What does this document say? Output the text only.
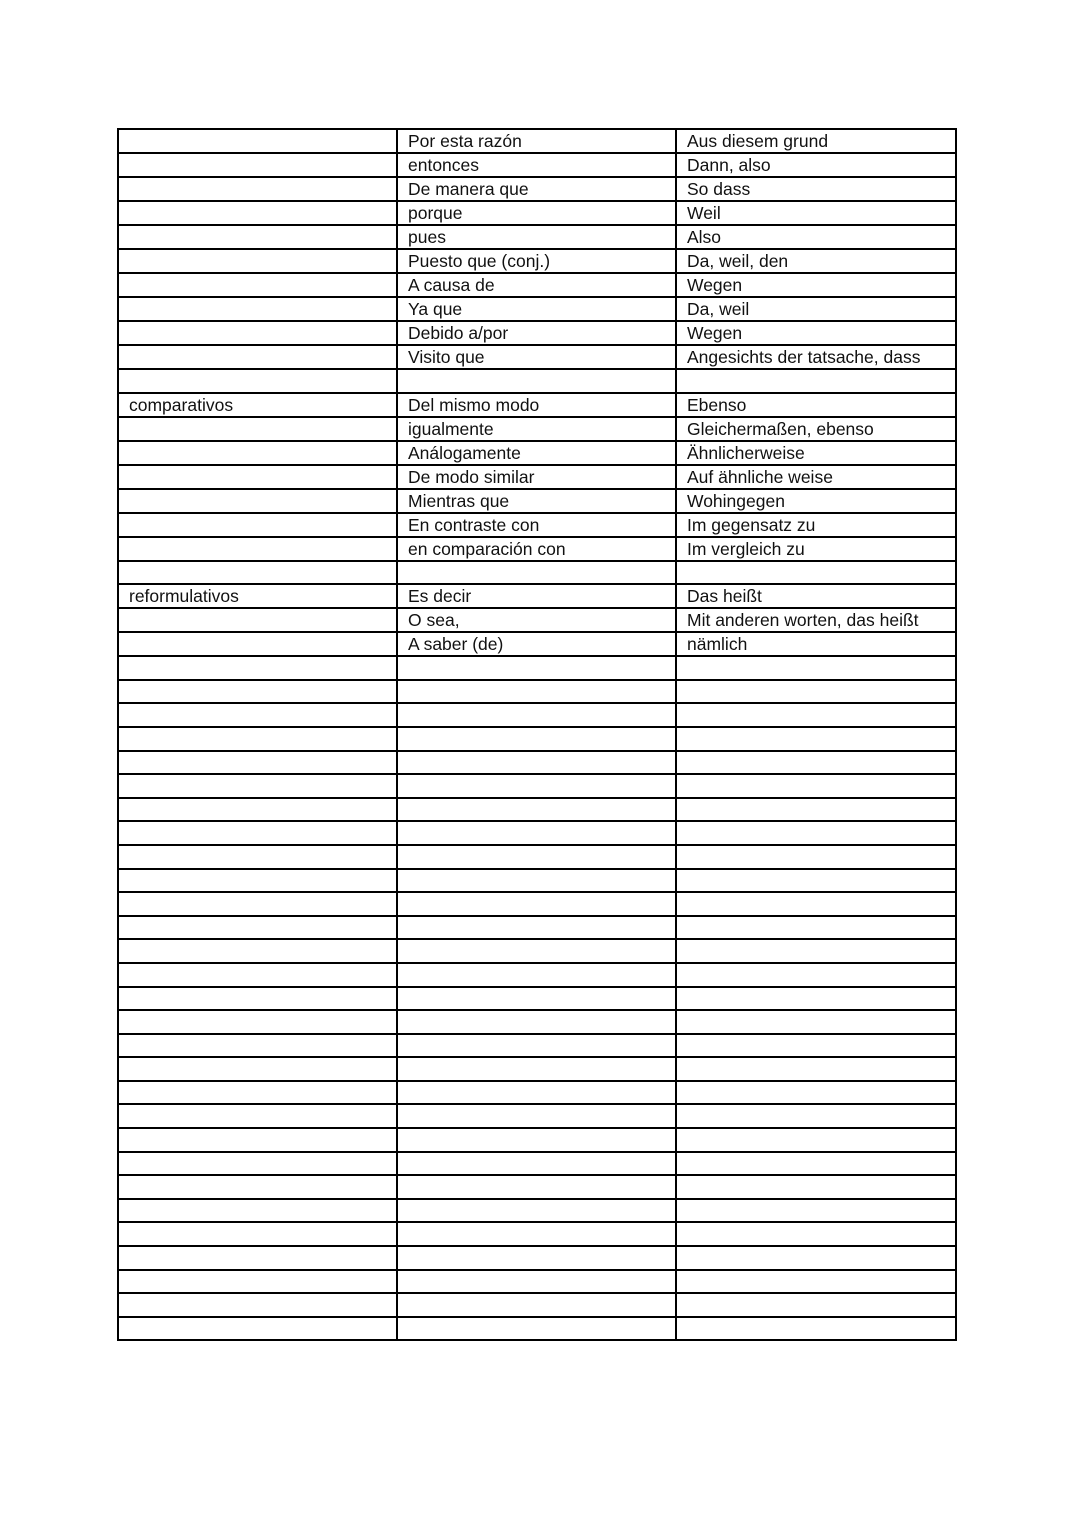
	Por esta razón	Aus diesem grund
	entonces	Dann, also
	De manera que	So dass
	porque	Weil
	pues	Also
	Puesto que (conj.)	Da, weil, den
	A causa de	Wegen
	Ya que	Da, weil
	Debido a/por	Wegen
	Visito que	Angesichts der tatsache, dass

comparativos	Del mismo modo	Ebenso
	igualmente	Gleichermaßen, ebenso
	Análogamente	Ähnlicherweise
	De modo similar	Auf ähnliche weise
	Mientras que	Wohingegen
	En contraste con	Im gegensatz zu
	en comparación con	Im vergleich zu

reformulativos	Es decir	Das heißt
	O sea,	Mit anderen worten, das heißt
	A saber (de)	nämlich
